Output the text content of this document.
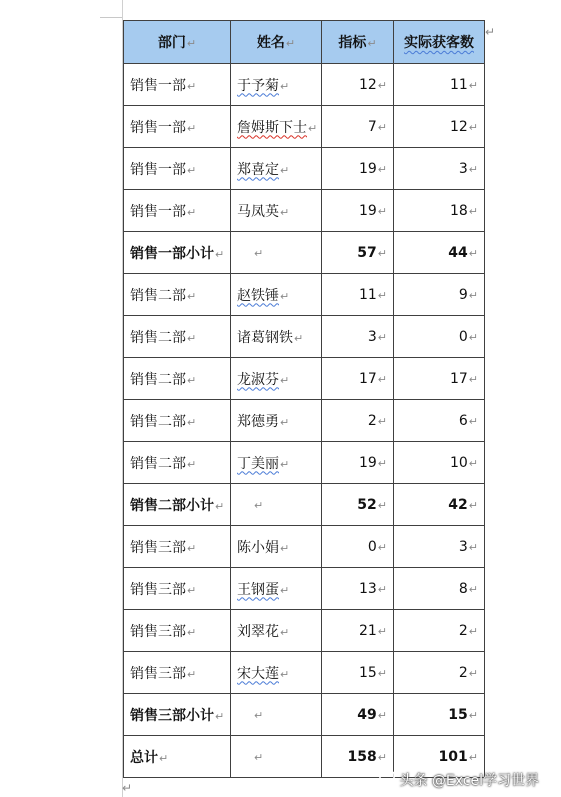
部门↵	姓名↵	指标↵	实际获客数
销售一部↵	于予菊↵	12↵	11↵
销售一部↵	詹姆斯下士↵	7↵	12↵
销售一部↵	郑喜定↵	19↵	3↵
销售一部↵	马凤英↵	19↵	18↵
销售一部小计↵	↵	57↵	44↵
销售二部↵	赵铁锤↵	11↵	9↵
销售二部↵	诸葛钢铁↵	3↵	0↵
销售二部↵	龙淑芬↵	17↵	17↵
销售二部↵	郑德勇↵	2↵	6↵
销售二部↵	丁美丽↵	19↵	10↵
销售二部小计↵	↵	52↵	42↵
销售三部↵	陈小娟↵	0↵	3↵
销售三部↵	王钢蛋↵	13↵	8↵
销售三部↵	刘翠花↵	21↵	2↵
销售三部↵	宋大莲↵	15↵	2↵
销售三部小计↵	↵	49↵	15↵
总计↵	↵	158↵	101↵
↵
↵	头条 @Excel学习世界
